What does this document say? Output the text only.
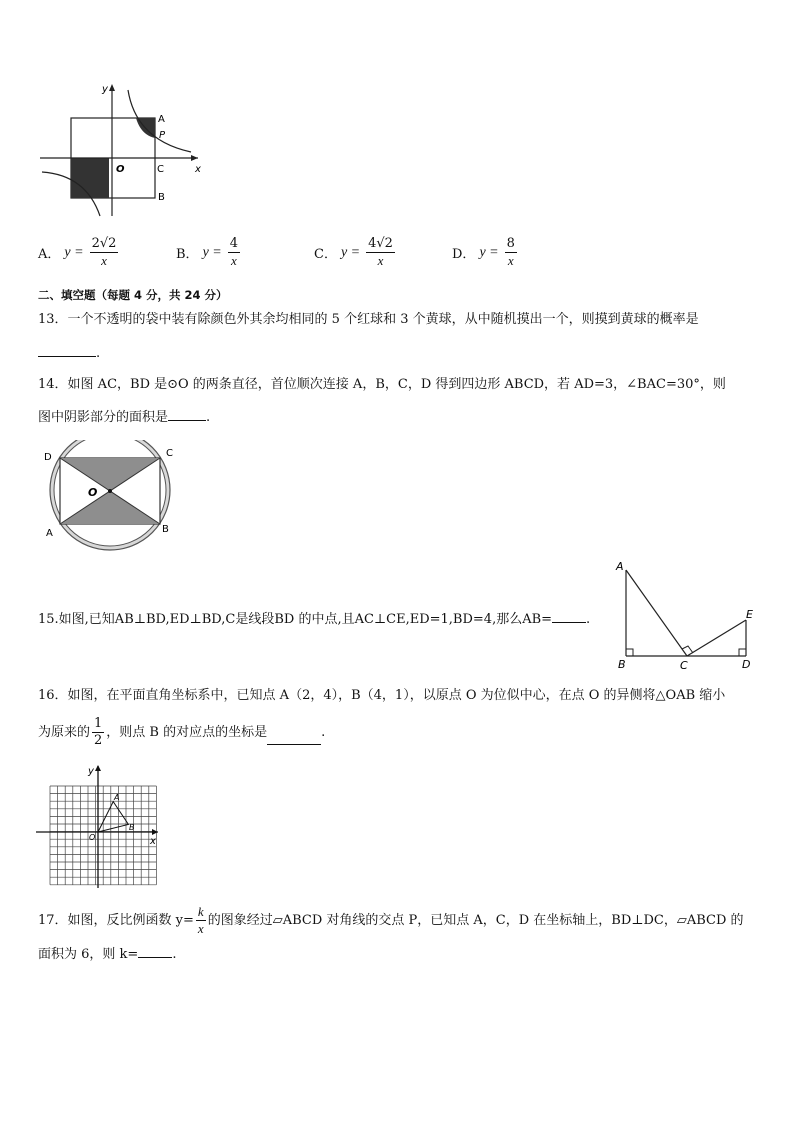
x
y
O
A
P
C
B
A． $y = \frac{2√2}{x}$	B． $y = \frac{4}{x}$	C． $y = \frac{4√2}{x}$	D． $y = \frac{8}{x}$
二、填空题（每题 4 分，共 24 分）
13．一个不透明的袋中装有除颜色外其余均相同的 5 个红球和 3 个黄球，从中随机摸出一个，则摸到黄球的概率是
.
14．如图 AC，BD 是⊙O 的两条直径，首位顺次连接 A，B，C，D 得到四边形 ABCD，若 AD=3，∠BAC=30°，则
图中阴影部分的面积是	.
D	C
A	B
O
A
E
B	C	D
15.如图,已知AB⊥BD,ED⊥BD,C是线段BD 的中点,且AC⊥CE,ED=1,BD=4,那么AB=	.
16．如图，在平面直角坐标系中，已知点 A（2，4），B（4，1），以原点 O 为位似中心，在点 O 的异侧将△OAB 缩小
为原来的 $\frac{1}{2}$ ，则点 B 的对应点的坐标是	.
y
x
A
B
O
17．如图，反比例函数 $y= \frac{k}{x}$ 的图象经过▱ABCD 对角线的交点 P，已知点 A，C，D 在坐标轴上，BD⊥DC，▱ABCD 的
面积为 6，则 k=	.
